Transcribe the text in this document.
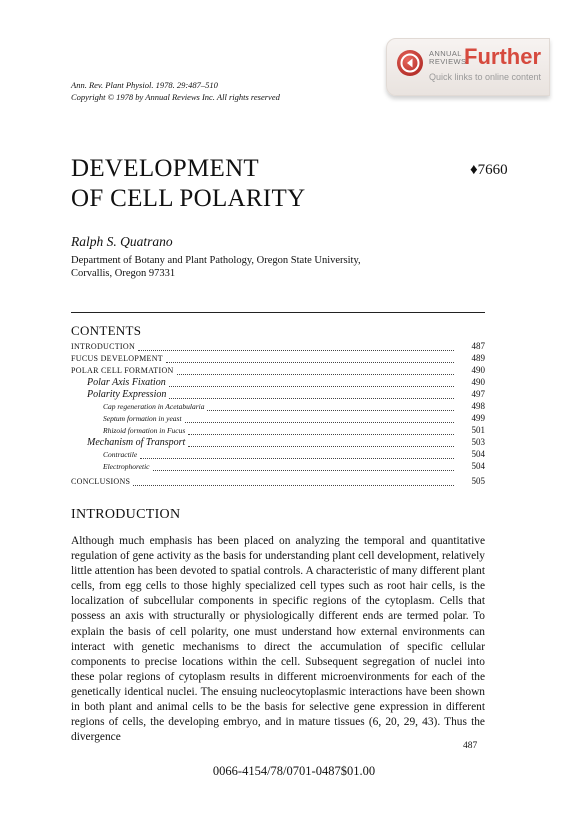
ANNUAL
REVIEWS
Further
Quick links to online content
Ann. Rev. Plant Physiol. 1978. 29:487–510
Copyright © 1978 by Annual Reviews Inc. All rights reserved
DEVELOPMENT
OF CELL POLARITY
♦7660
Ralph S. Quatrano
Department of Botany and Plant Pathology, Oregon State University,
Corvallis, Oregon 97331
CONTENTS
INTRODUCTION	487
FUCUS DEVELOPMENT	489
POLAR CELL FORMATION	490
Polar Axis Fixation	490
Polarity Expression	497
Cap regeneration in Acetabularia	498
Septum formation in yeast	499
Rhizoid formation in Fucus	501
Mechanism of Transport	503
Contractile	504
Electrophoretic	504
CONCLUSIONS	505
INTRODUCTION

Although much emphasis has been placed on analyzing the temporal and quantitative regulation of gene activity as the basis for understanding plant cell development, relatively little attention has been devoted to spatial controls. A characteristic of many different plant cells, from egg cells to those highly specialized cell types such as root hair cells, is the localization of subcellular components in specific regions of the cytoplasm. Cells that possess an axis with structurally or physiologically different ends are termed polar. To explain the basis of cell polarity, one must understand how external environments can interact with genetic mechanisms to direct the accumulation of specific cellular components to precise locations within the cell. Subsequent segregation of nuclei into these polar regions of cytoplasm results in different microenvironments for each of the genetically identical nuclei. The ensuing nucleocytoplasmic interactions have been shown in both plant and animal cells to be the basis for selective gene expression in different regions of cells, the developing embryo, and in mature tissues (6, 20, 29, 43). Thus the divergence

487
0066-4154/78/0701-0487$01.00
